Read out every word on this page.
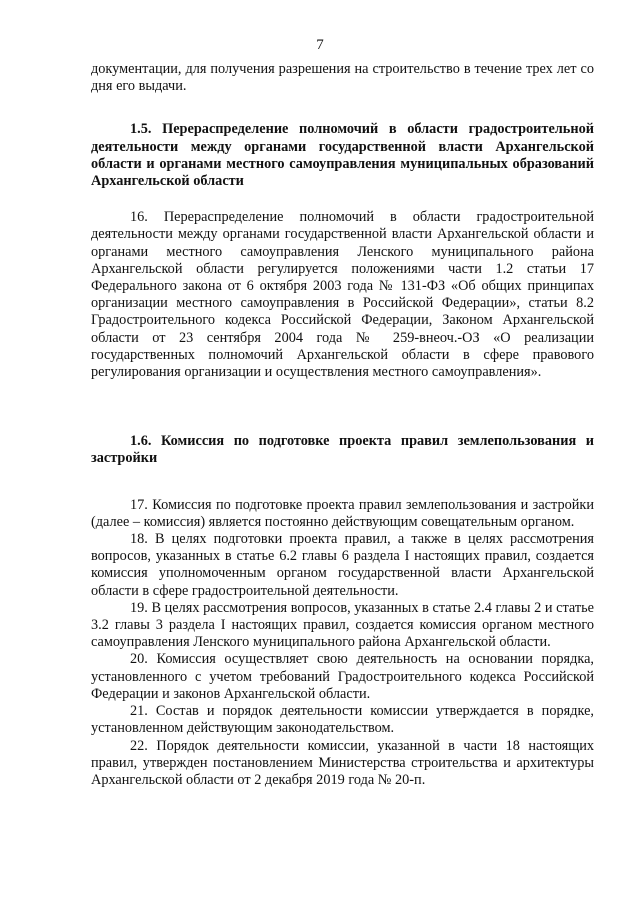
7

документации, для получения разрешения на строительство в течение трех лет со дня его выдачи.

1.5. Перераспределение полномочий в области градостроительной деятельности между органами государственной власти Архангельской области и органами местного самоуправления муниципальных образований Архангельской области

16. Перераспределение полномочий в области градостроительной деятельности между органами государственной власти Архангельской области и органами местного самоуправления Ленского муниципального района Архангельской области регулируется положениями части 1.2 статьи 17 Федерального закона от 6 октября 2003 года № 131-ФЗ «Об общих принципах организации местного самоуправления в Российской Федерации», статьи 8.2 Градостроительного кодекса Российской Федерации, Законом Архангельской области от 23 сентября 2004 года № 259-внеоч.-ОЗ «О реализации государственных полномочий Архангельской области в сфере правового регулирования организации и осуществления местного самоуправления».

1.6. Комиссия по подготовке проекта правил землепользования и застройки

17. Комиссия по подготовке проекта правил землепользования и застройки (далее – комиссия) является постоянно действующим совещательным органом.

18. В целях подготовки проекта правил, а также в целях рассмотрения вопросов, указанных в статье 6.2 главы 6 раздела I настоящих правил, создается комиссия уполномоченным органом государственной власти Архангельской области в сфере градостроительной деятельности.

19. В целях рассмотрения вопросов, указанных в статье 2.4 главы 2 и статье 3.2 главы 3 раздела I настоящих правил, создается комиссия органом местного самоуправления Ленского муниципального района Архангельской области.

20. Комиссия осуществляет свою деятельность на основании порядка, установленного с учетом требований Градостроительного кодекса Российской Федерации и законов Архангельской области.

21. Состав и порядок деятельности комиссии утверждается в порядке, установленном действующим законодательством.

22. Порядок деятельности комиссии, указанной в части 18 настоящих правил, утвержден постановлением Министерства строительства и архитектуры Архангельской области от 2 декабря 2019 года № 20-п.
